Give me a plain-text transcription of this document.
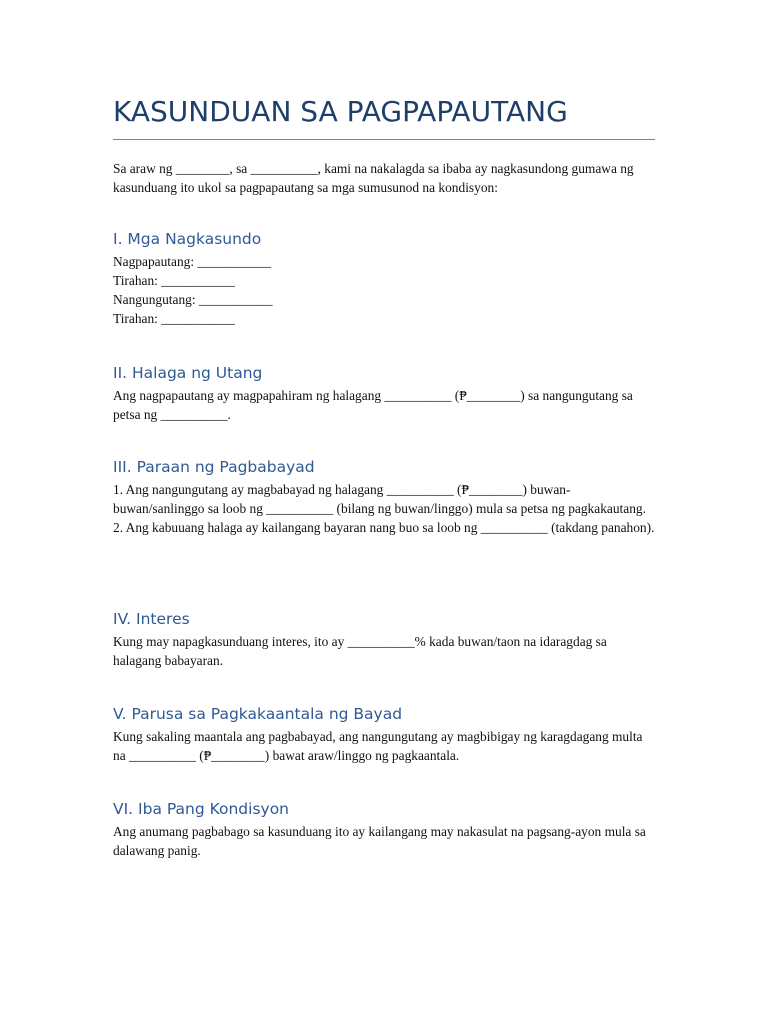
KASUNDUAN SA PAGPAPAUTANG

Sa araw ng ________, sa __________, kami na nakalagda sa ibaba ay nagkasundong gumawa ng kasunduang ito ukol sa pagpapautang sa mga sumusunod na kondisyon:

I. Mga Nagkasundo

Nagpapautang: ___________
Tirahan: ___________
Nangungutang: ___________
Tirahan: ___________

II. Halaga ng Utang

Ang nagpapautang ay magpapahiram ng halagang __________ (₱________) sa nangungutang sa petsa ng __________.

III. Paraan ng Pagbabayad

1. Ang nangungutang ay magbabayad ng halagang __________ (₱________) buwan-buwan/sanlinggo sa loob ng __________ (bilang ng buwan/linggo) mula sa petsa ng pagkakautang.
2. Ang kabuuang halaga ay kailangang bayaran nang buo sa loob ng __________ (takdang panahon).

IV. Interes

Kung may napagkasunduang interes, ito ay __________% kada buwan/taon na idaragdag sa halagang babayaran.

V. Parusa sa Pagkakaantala ng Bayad

Kung sakaling maantala ang pagbabayad, ang nangungutang ay magbibigay ng karagdagang multa na __________ (₱________) bawat araw/linggo ng pagkaantala.

VI. Iba Pang Kondisyon

Ang anumang pagbabago sa kasunduang ito ay kailangang may nakasulat na pagsang-ayon mula sa dalawang panig.
